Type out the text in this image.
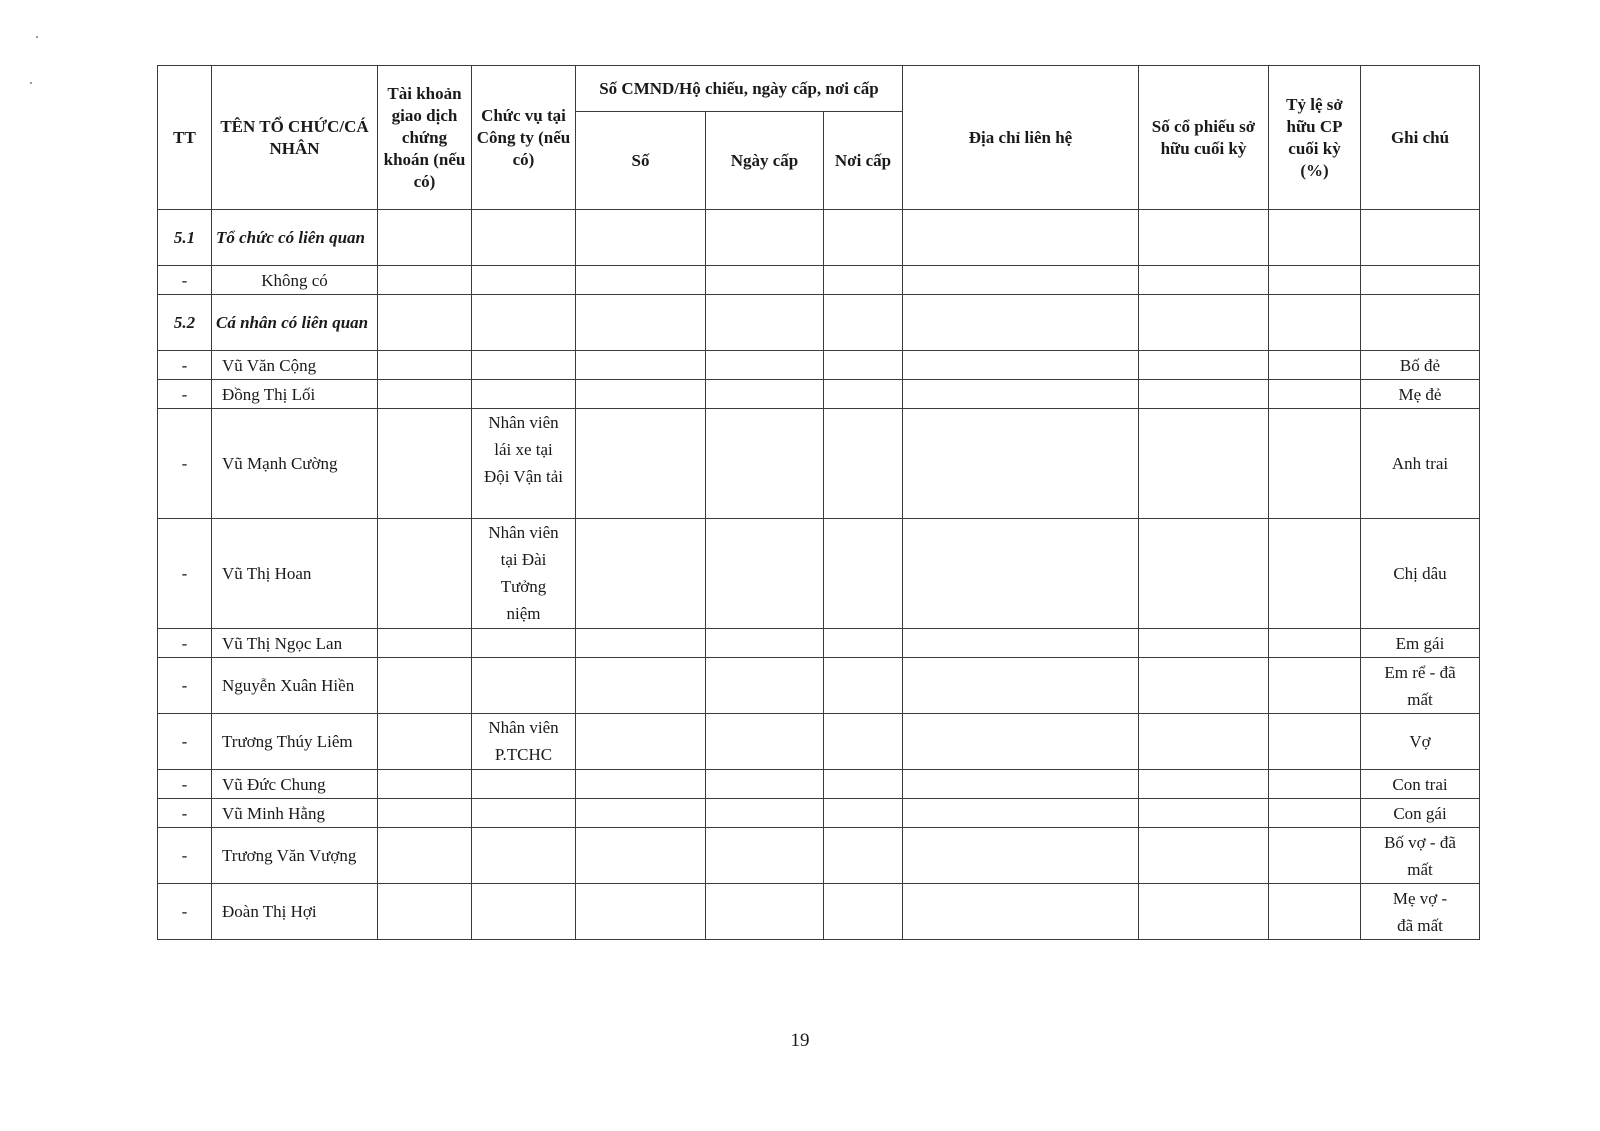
TT	TÊN TỔ CHỨC/CÁ NHÂN	Tài khoản giao dịch chứng khoán (nếu có)	Chức vụ tại Công ty (nếu có)	Số CMND/Hộ chiếu, ngày cấp, nơi cấp			Địa chỉ liên hệ	Số cổ phiếu sở hữu cuối kỳ	Tỷ lệ sở hữu CP cuối kỳ (%)	Ghi chú
				Số	Ngày cấp	Nơi cấp				
5.1	Tổ chức có liên quan									
-	Không có									
5.2	Cá nhân có liên quan									
-	Vũ Văn Cộng									Bố đẻ
-	Đồng Thị Lối									Mẹ đẻ
-	Vũ Mạnh Cường		Nhân viên lái xe tại Đội Vận tải							Anh trai
-	Vũ Thị Hoan		Nhân viên tại Đài Tưởng niệm							Chị dâu
-	Vũ Thị Ngọc Lan									Em gái
-	Nguyễn Xuân Hiền									Em rể - đã mất
-	Trương Thúy Liêm		Nhân viên P.TCHC							Vợ
-	Vũ Đức Chung									Con trai
-	Vũ Minh Hằng									Con gái
-	Trương Văn Vượng									Bố vợ - đã mất
-	Đoàn Thị Hợi									Mẹ vợ - đã mất
19
